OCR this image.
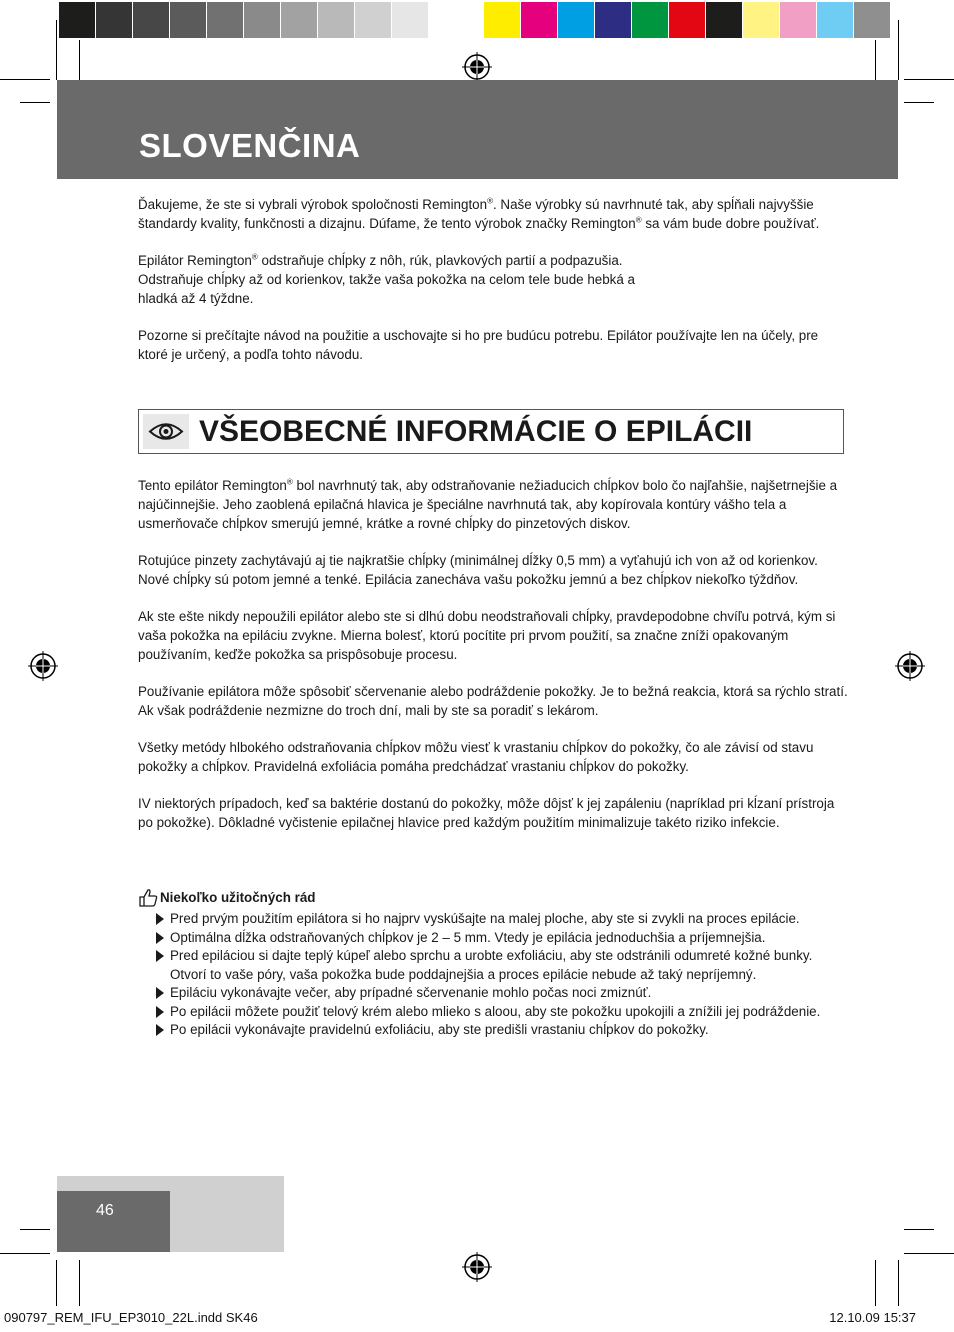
SLOVENČINA

Ďakujeme, že ste si vybrali výrobok spoločnosti Remington®. Naše výrobky sú navrhnuté tak, aby spĺňali najvyššie štandardy kvality, funkčnosti a dizajnu. Dúfame, že tento výrobok značky Remington® sa vám bude dobre používať.

Epilátor Remington® odstraňuje chĺpky z nôh, rúk, plavkových partií a podpazušia.
Odstraňuje chĺpky až od korienkov, takže vaša pokožka na celom tele bude hebká a
hladká až 4 týždne.

Pozorne si prečítajte návod na použitie a uschovajte si ho pre budúcu potrebu. Epilátor používajte len na účely, pre ktoré je určený, a podľa tohto návodu.

VŠEOBECNÉ INFORMÁCIE O EPILÁCII

Tento epilátor Remington® bol navrhnutý tak, aby odstraňovanie nežiaducich chĺpkov bolo čo najľahšie, najšetrnejšie a najúčinnejšie. Jeho zaoblená epilačná hlavica je špeciálne navrhnutá tak, aby kopírovala kontúry vášho tela a usmerňovače chĺpkov smerujú jemné, krátke a rovné chĺpky do pinzetových diskov.

Rotujúce pinzety zachytávajú aj tie najkratšie chĺpky (minimálnej dĺžky 0,5 mm) a vyťahujú ich von až od korienkov. Nové chĺpky sú potom jemné a tenké. Epilácia zanecháva vašu pokožku jemnú a bez chĺpkov niekoľko týždňov.

Ak ste ešte nikdy nepoužili epilátor alebo ste si dlhú dobu neodstraňovali chĺpky, pravdepodobne chvíľu potrvá, kým si vaša pokožka na epiláciu zvykne. Mierna bolesť, ktorú pocítite pri prvom použití, sa značne zníži opakovaným používaním, keďže pokožka sa prispôsobuje procesu.

Používanie epilátora môže spôsobiť sčervenanie alebo podráždenie pokožky. Je to bežná reakcia, ktorá sa rýchlo stratí. Ak však podráždenie nezmizne do troch dní, mali by ste sa poradiť s lekárom.

Všetky metódy hlbokého odstraňovania chĺpkov môžu viesť k vrastaniu chĺpkov do pokožky, čo ale závisí od stavu pokožky a chĺpkov. Pravidelná exfoliácia pomáha predchádzať vrastaniu chĺpkov do pokožky.

IV niektorých prípadoch, keď sa baktérie dostanú do pokožky, môže dôjsť k jej zapáleniu (napríklad pri kĺzaní prístroja po pokožke). Dôkladné vyčistenie epilačnej hlavice pred každým použitím minimalizuje takéto riziko infekcie.

Niekoľko užitočných rád
Pred prvým použitím epilátora si ho najprv vyskúšajte na malej ploche, aby ste si zvykli na proces epilácie.
Optimálna dĺžka odstraňovaných chĺpkov je 2 – 5 mm. Vtedy je epilácia jednoduchšia a príjemnejšia.
Pred epiláciou si dajte teplý kúpeľ alebo sprchu a urobte exfoliáciu, aby ste odstránili odumreté kožné bunky. Otvorí to vaše póry, vaša pokožka bude poddajnejšia a proces epilácie nebude až taký nepríjemný.
Epiláciu vykonávajte večer, aby prípadné sčervenanie mohlo počas noci zmiznúť.
Po epilácii môžete použiť telový krém alebo mlieko s aloou, aby ste pokožku upokojili a znížili jej podráždenie.
Po epilácii vykonávajte pravidelnú exfoliáciu, aby ste predišli vrastaniu chĺpkov do pokožky.
46
090797_REM_IFU_EP3010_22L.indd SK46	12.10.09 15:37
